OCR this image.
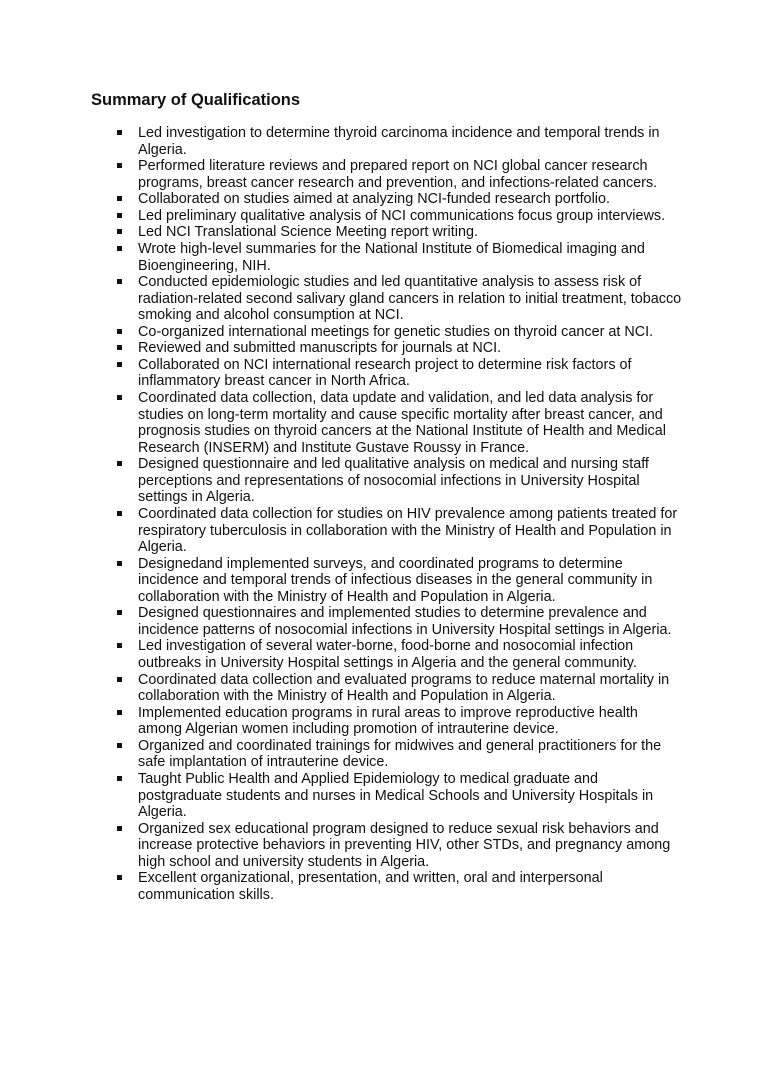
Summary of Qualifications
Led investigation to determine thyroid carcinoma incidence and temporal trends in
Algeria.
Performed literature reviews and prepared report on NCI global cancer research
programs, breast cancer research and prevention, and infections-related cancers.
Collaborated on studies aimed at analyzing NCI-funded research portfolio.
Led preliminary qualitative analysis of NCI communications focus group interviews.
Led NCI Translational Science Meeting report writing.
Wrote high-level summaries for the National Institute of Biomedical imaging and
Bioengineering, NIH.
Conducted epidemiologic studies and led quantitative analysis to assess risk of
radiation-related second salivary gland cancers in relation to initial treatment, tobacco
smoking and alcohol consumption at NCI.
Co-organized international meetings for genetic studies on thyroid cancer at NCI.
Reviewed and submitted manuscripts for journals at NCI.
Collaborated on NCI international research project to determine risk factors of
inflammatory breast cancer in North Africa.
Coordinated data collection, data update and validation, and led data analysis for
studies on long-term mortality and cause specific mortality after breast cancer, and
prognosis studies on thyroid cancers at the National Institute of Health and Medical
Research (INSERM) and Institute Gustave Roussy in France.
Designed questionnaire and led qualitative analysis on medical and nursing staff
perceptions and representations of nosocomial infections in University Hospital
settings in Algeria.
Coordinated data collection for studies on HIV prevalence among patients treated for
respiratory tuberculosis in collaboration with the Ministry of Health and Population in
Algeria.
Designedand implemented surveys, and coordinated programs to determine
incidence and temporal trends of infectious diseases in the general community in
collaboration with the Ministry of Health and Population in Algeria.
Designed questionnaires and implemented studies to determine prevalence and
incidence patterns of nosocomial infections in University Hospital settings in Algeria.
Led investigation of several water-borne, food-borne and nosocomial infection
outbreaks in University Hospital settings in Algeria and the general community.
Coordinated data collection and evaluated programs to reduce maternal mortality in
collaboration with the Ministry of Health and Population in Algeria.
Implemented education programs in rural areas to improve reproductive health
among Algerian women including promotion of intrauterine device.
Organized and coordinated trainings for midwives and general practitioners for the
safe implantation of intrauterine device.
Taught Public Health and Applied Epidemiology to medical graduate and
postgraduate students and nurses in Medical Schools and University Hospitals in
Algeria.
Organized sex educational program designed to reduce sexual risk behaviors and
increase protective behaviors in preventing HIV, other STDs, and pregnancy among
high school and university students in Algeria.
Excellent organizational, presentation, and written, oral and interpersonal
communication skills.
